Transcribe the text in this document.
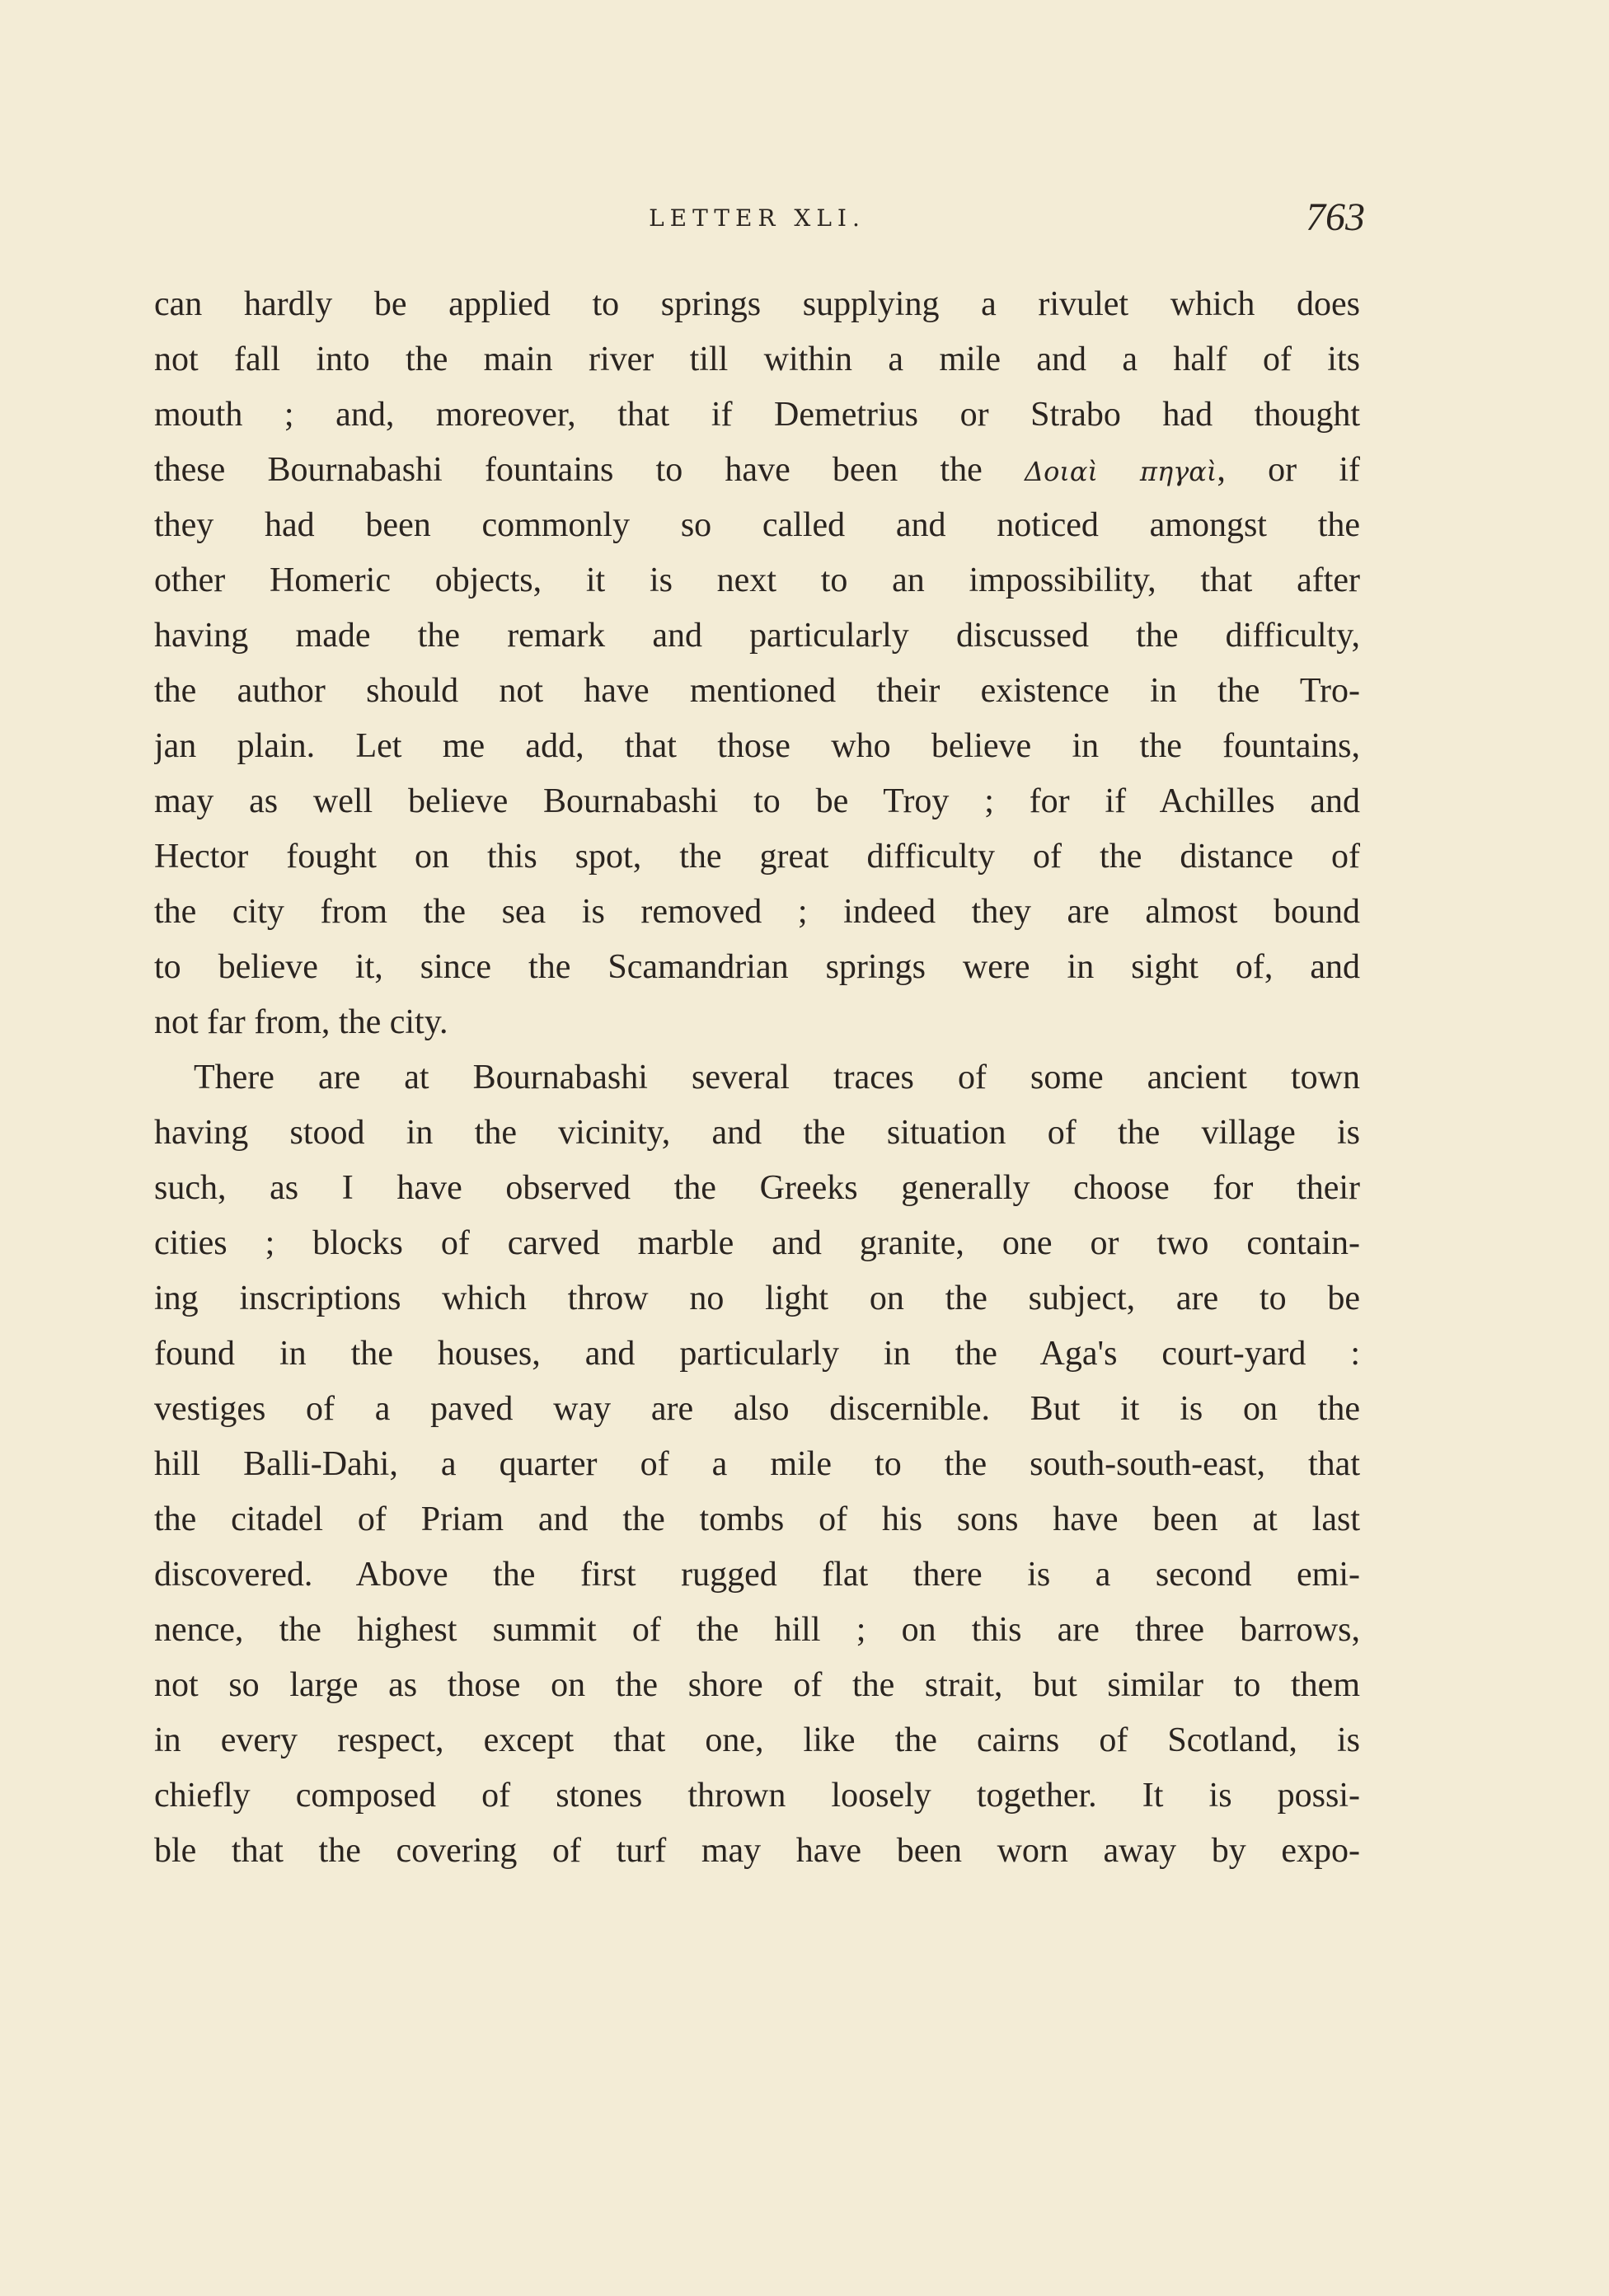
LETTER XLI.	763
can hardly be applied to springs supplying a rivulet which does
not fall into the main river till within a mile and a half of its
mouth ; and, moreover, that if Demetrius or Strabo had thought
these Bournabashi fountains to have been the Δοιαὶ πηγαὶ, or if
they had been commonly so called and noticed amongst the
other Homeric objects, it is next to an impossibility, that after
having made the remark and particularly discussed the difficulty,
the author should not have mentioned their existence in the Tro-
jan plain. Let me add, that those who believe in the fountains,
may as well believe Bournabashi to be Troy ; for if Achilles and
Hector fought on this spot, the great difficulty of the distance of
the city from the sea is removed ; indeed they are almost bound
to believe it, since the Scamandrian springs were in sight of, and
not far from, the city.
There are at Bournabashi several traces of some ancient town
having stood in the vicinity, and the situation of the village is
such, as I have observed the Greeks generally choose for their
cities ; blocks of carved marble and granite, one or two contain-
ing inscriptions which throw no light on the subject, are to be
found in the houses, and particularly in the Aga's court-yard :
vestiges of a paved way are also discernible. But it is on the
hill Balli-Dahi, a quarter of a mile to the south-south-east, that
the citadel of Priam and the tombs of his sons have been at last
discovered. Above the first rugged flat there is a second emi-
nence, the highest summit of the hill ; on this are three barrows,
not so large as those on the shore of the strait, but similar to them
in every respect, except that one, like the cairns of Scotland, is
chiefly composed of stones thrown loosely together. It is possi-
ble that the covering of turf may have been worn away by expo-
